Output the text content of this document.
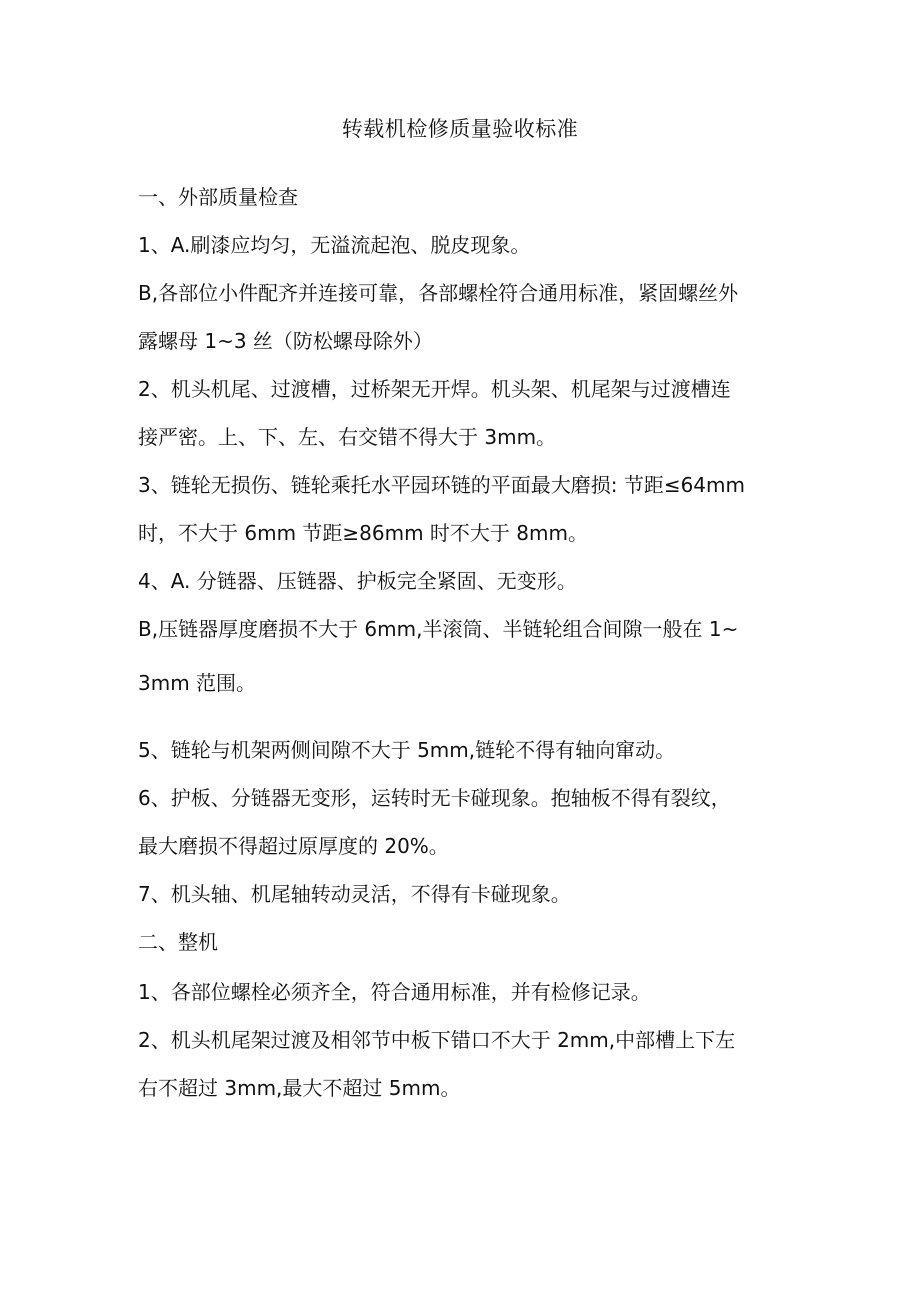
转载机检修质量验收标准
一、外部质量检查
1、A.刷漆应均匀，无溢流起泡、脱皮现象。
B,各部位小件配齐并连接可靠，各部螺栓符合通用标准，紧固螺丝外
露螺母 1~3 丝（防松螺母除外）
2、机头机尾、过渡槽，过桥架无开焊。机头架、机尾架与过渡槽连
接严密。上、下、左、右交错不得大于 3mm。
3、链轮无损伤、链轮乘托水平园环链的平面最大磨损: 节距≤64mm
时，不大于 6mm 节距≥86mm 时不大于 8mm。
4、A. 分链器、压链器、护板完全紧固、无变形。
B,压链器厚度磨损不大于 6mm,半滚筒、半链轮组合间隙一般在 1~
3mm 范围。
5、链轮与机架两侧间隙不大于 5mm,链轮不得有轴向窜动。
6、护板、分链器无变形，运转时无卡碰现象。抱轴板不得有裂纹，
最大磨损不得超过原厚度的 20%。
7、机头轴、机尾轴转动灵活，不得有卡碰现象。
二、整机
1、各部位螺栓必须齐全，符合通用标准，并有检修记录。
2、机头机尾架过渡及相邻节中板下错口不大于 2mm,中部槽上下左
右不超过 3mm,最大不超过 5mm。
